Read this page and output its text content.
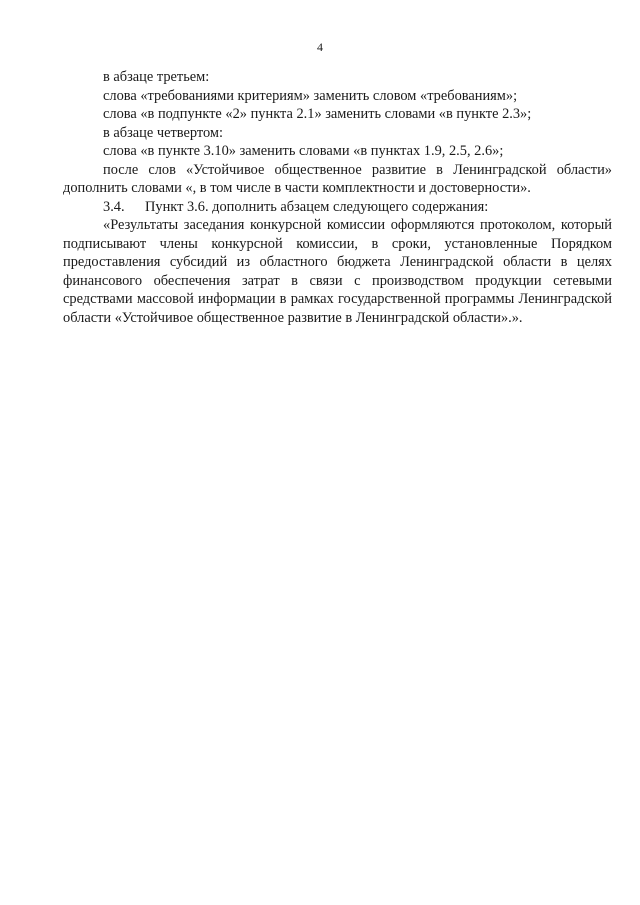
4

в абзаце третьем:

слова «требованиями критериям» заменить словом «требованиям»;

слова «в подпункте «2» пункта 2.1» заменить словами «в пункте 2.3»;

в абзаце четвертом:

слова «в пункте 3.10» заменить словами «в пунктах 1.9, 2.5, 2.6»;

после слов «Устойчивое общественное развитие в Ленинградской области» дополнить словами «, в том числе в части комплектности и достоверности».

3.4. Пункт 3.6. дополнить абзацем следующего содержания:

«Результаты заседания конкурсной комиссии оформляются протоколом, который подписывают члены конкурсной комиссии, в сроки, установленные Порядком предоставления субсидий из областного бюджета Ленинградской области в целях финансового обеспечения затрат в связи с производством продукции сетевыми средствами массовой информации в рамках государственной программы Ленинградской области «Устойчивое общественное развитие в Ленинградской области».».
